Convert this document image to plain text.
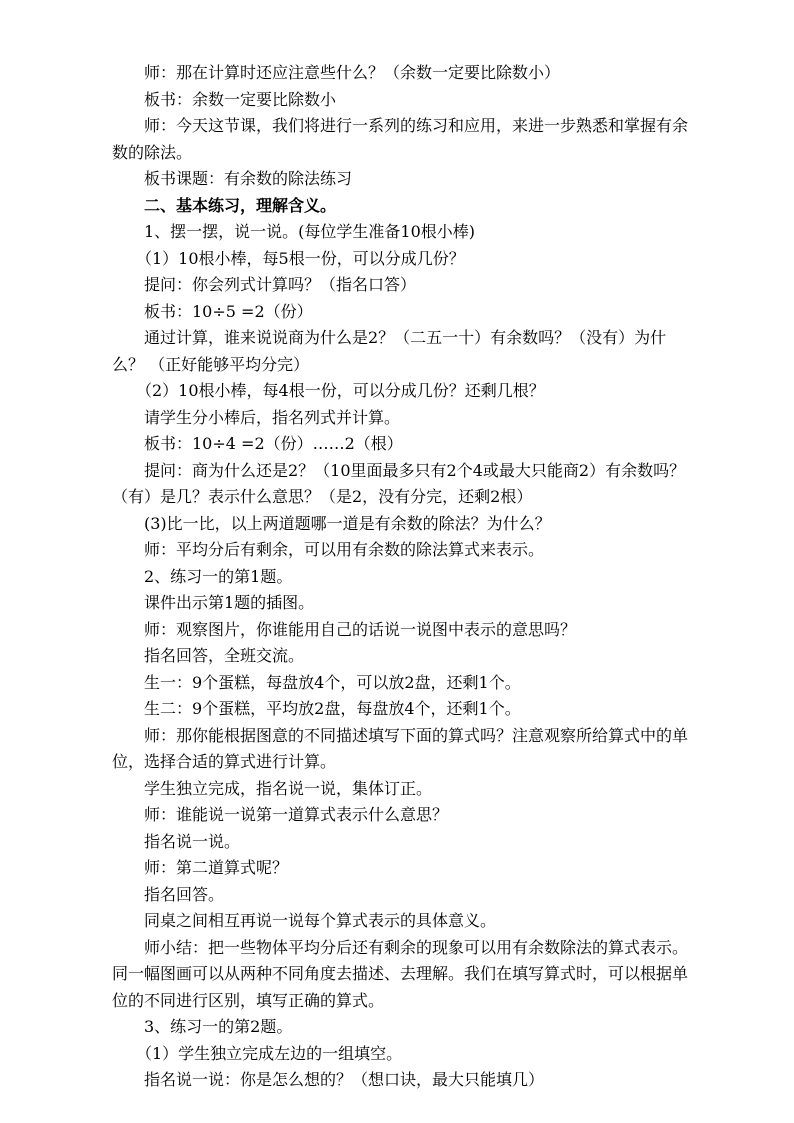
师：那在计算时还应注意些什么？（余数一定要比除数小）

板书：余数一定要比除数小

师：今天这节课，我们将进行一系列的练习和应用，来进一步熟悉和掌握有余数的除法。

板书课题：有余数的除法练习

二、基本练习，理解含义。

1、摆一摆，说一说。(每位学生准备10根小棒)

（1）10根小棒，每5根一份，可以分成几份？

提问：你会列式计算吗？（指名口答）

板书：10÷5 =2（份）

通过计算，谁来说说商为什么是2？（二五一十）有余数吗？（没有）为什么？ （正好能够平均分完）

（2）10根小棒，每4根一份，可以分成几份？还剩几根？

请学生分小棒后，指名列式并计算。

板书：10÷4 =2（份）……2（根）

提问：商为什么还是2？（10里面最多只有2个4或最大只能商2）有余数吗？（有）是几？表示什么意思？（是2，没有分完，还剩2根）

(3)比一比，以上两道题哪一道是有余数的除法？为什么？

师：平均分后有剩余，可以用有余数的除法算式来表示。

2、练习一的第1题。

课件出示第1题的插图。

师：观察图片，你谁能用自己的话说一说图中表示的意思吗？

指名回答，全班交流。

生一：9个蛋糕，每盘放4个，可以放2盘，还剩1个。

生二：9个蛋糕，平均放2盘，每盘放4个，还剩1个。

师：那你能根据图意的不同描述填写下面的算式吗？注意观察所给算式中的单位，选择合适的算式进行计算。

学生独立完成，指名说一说，集体订正。

师：谁能说一说第一道算式表示什么意思？

指名说一说。

师：第二道算式呢？

指名回答。

同桌之间相互再说一说每个算式表示的具体意义。

师小结：把一些物体平均分后还有剩余的现象可以用有余数除法的算式表示。同一幅图画可以从两种不同角度去描述、去理解。我们在填写算式时，可以根据单位的不同进行区别，填写正确的算式。

3、练习一的第2题。

（1）学生独立完成左边的一组填空。

指名说一说：你是怎么想的？（想口诀，最大只能填几）
